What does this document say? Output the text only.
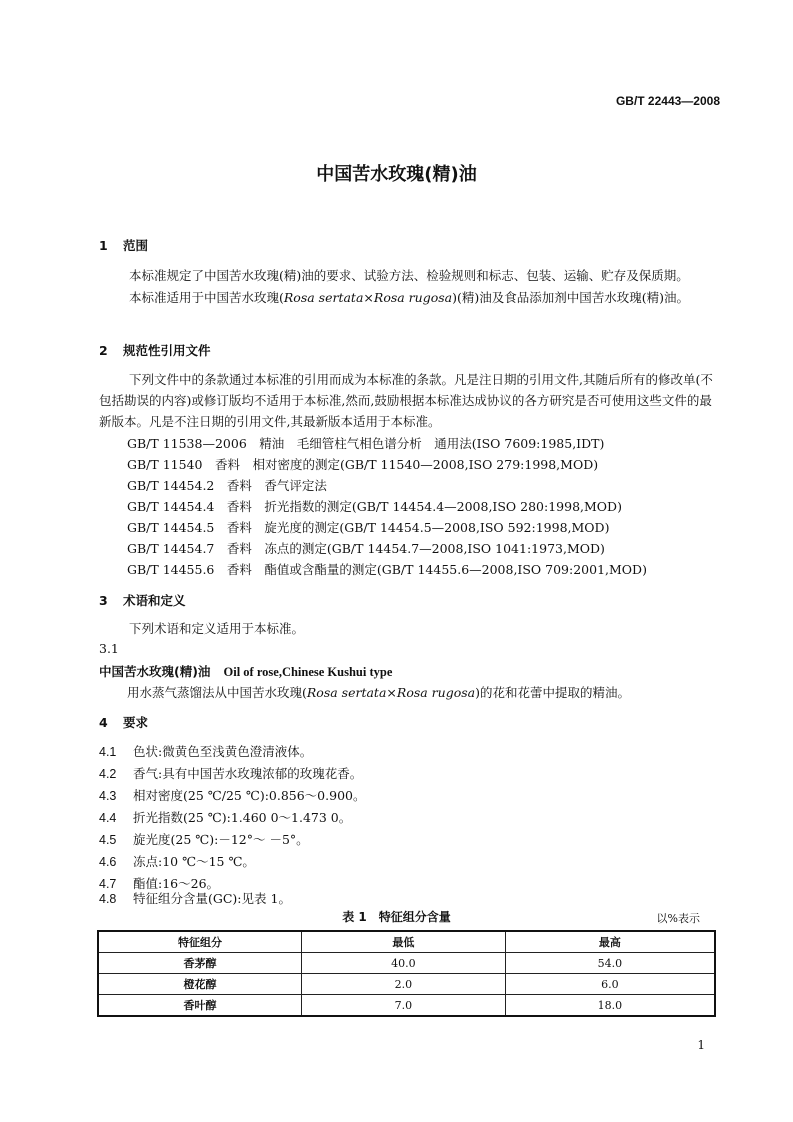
GB/T 22443—2008
中国苦水玫瑰(精)油
1 范围
本标准规定了中国苦水玫瑰(精)油的要求、试验方法、检验规则和标志、包装、运输、贮存及保质期。
本标准适用于中国苦水玫瑰(Rosa sertata×Rosa rugosa)(精)油及食品添加剂中国苦水玫瑰(精)油。
2 规范性引用文件
下列文件中的条款通过本标准的引用而成为本标准的条款。凡是注日期的引用文件,其随后所有的修改单(不包括勘误的内容)或修订版均不适用于本标准,然而,鼓励根据本标准达成协议的各方研究是否可使用这些文件的最新版本。凡是不注日期的引用文件,其最新版本适用于本标准。
GB/T 11538—2006　精油　毛细管柱气相色谱分析　通用法(ISO 7609:1985,IDT)
GB/T 11540　香料　相对密度的测定(GB/T 11540—2008,ISO 279:1998,MOD)
GB/T 14454.2　香料　香气评定法
GB/T 14454.4　香料　折光指数的测定(GB/T 14454.4—2008,ISO 280:1998,MOD)
GB/T 14454.5　香料　旋光度的测定(GB/T 14454.5—2008,ISO 592:1998,MOD)
GB/T 14454.7　香料　冻点的测定(GB/T 14454.7—2008,ISO 1041:1973,MOD)
GB/T 14455.6　香料　酯值或含酯量的测定(GB/T 14455.6—2008,ISO 709:2001,MOD)
3 术语和定义
下列术语和定义适用于本标准。
3.1
中国苦水玫瑰(精)油 Oil of rose,Chinese Kushui type
用水蒸气蒸馏法从中国苦水玫瑰(Rosa sertata×Rosa rugosa)的花和花蕾中提取的精油。
4 要求
4.1 色状:微黄色至浅黄色澄清液体。
4.2 香气:具有中国苦水玫瑰浓郁的玫瑰花香。
4.3 相对密度(25 ℃/25 ℃):0.856～0.900。
4.4 折光指数(25 ℃):1.460 0～1.473 0。
4.5 旋光度(25 ℃):－12°～ －5°。
4.6 冻点:10 ℃～15 ℃。
4.7 酯值:16～26。
4.8 特征组分含量(GC):见表 1。
表 1　特征组分含量	以%表示
特征组分	最低	最高
香茅醇	40.0	54.0
橙花醇	2.0	6.0
香叶醇	7.0	18.0
1
